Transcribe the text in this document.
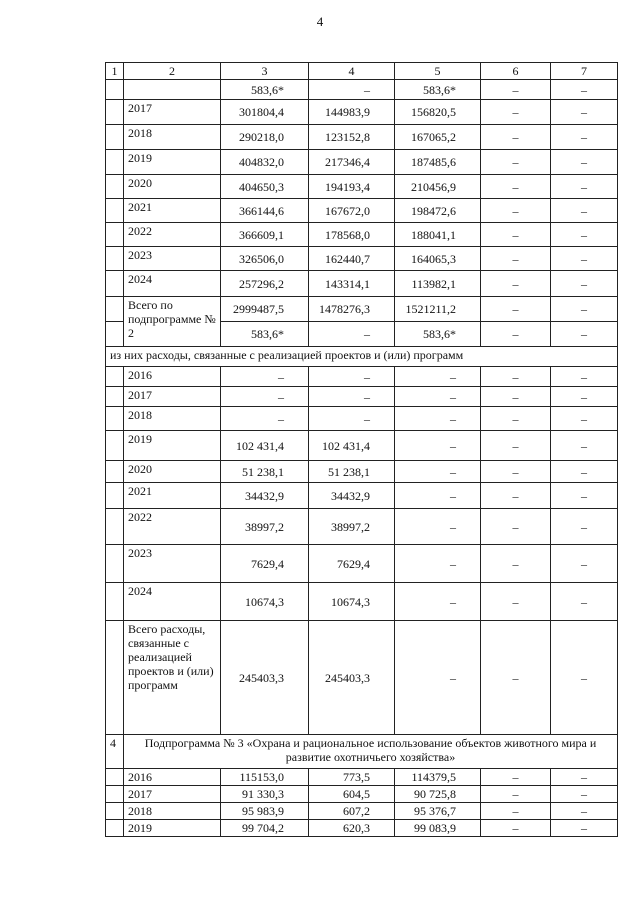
4
1	2	3	4	5	6	7
		583,6*	–	583,6*	–	–
	2017	301804,4	144983,9	156820,5	–	–
	2018	290218,0	123152,8	167065,2	–	–
	2019	404832,0	217346,4	187485,6	–	–
	2020	404650,3	194193,4	210456,9	–	–
	2021	366144,6	167672,0	198472,6	–	–
	2022	366609,1	178568,0	188041,1	–	–
	2023	326506,0	162440,7	164065,3	–	–
	2024	257296,2	143314,1	113982,1	–	–
	Всего по подпрограмме № 2	2999487,5	1478276,3	1521211,2	–	–
		583,6*	–	583,6*	–	–
из них расходы, связанные с реализацией проектов и (или) программ						
	2016	–	–	–	–	–
	2017	–	–	–	–	–
	2018	–	–	–	–	–
	2019	102 431,4	102 431,4	–	–	–
	2020	51 238,1	51 238,1	–	–	–
	2021	34432,9	34432,9	–	–	–
	2022	38997,2	38997,2	–	–	–
	2023	7629,4	7629,4	–	–	–
	2024	10674,3	10674,3	–	–	–
	Всего расходы, связанные с реализацией проектов и (или) программ	245403,3	245403,3	–	–	–
4	Подпрограмма № 3 «Охрана и рациональное использование объектов животного мира и развитие охотничьего хозяйства»					
	2016	115153,0	773,5	114379,5	–	–
	2017	91 330,3	604,5	90 725,8	–	–
	2018	95 983,9	607,2	95 376,7	–	–
	2019	99 704,2	620,3	99 083,9	–	–
